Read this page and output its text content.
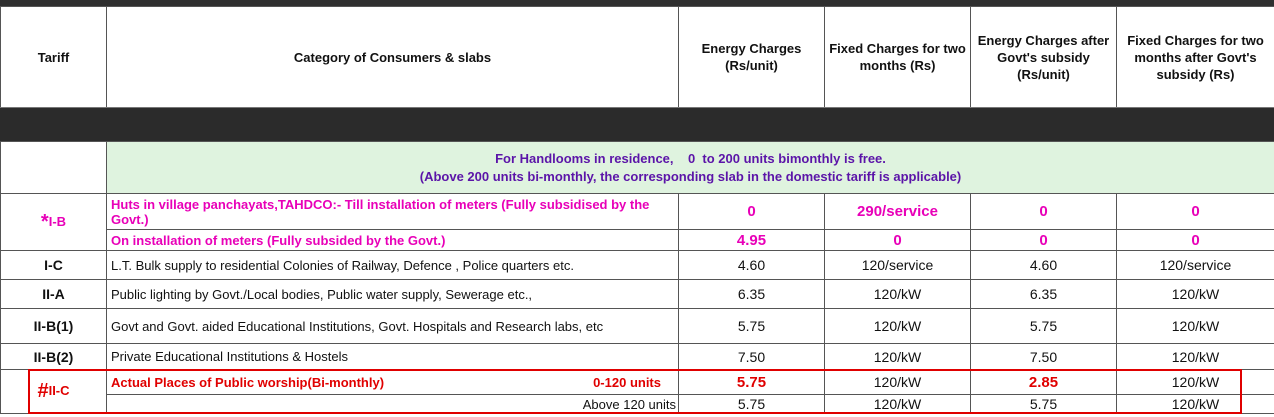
Tariff	Category of Consumers & slabs	Energy Charges (Rs/unit)	Fixed Charges for two months (Rs)	Energy Charges after Govt's subsidy (Rs/unit)	Fixed Charges for two months after Govt's subsidy (Rs)

	For Handlooms in residence,    0  to 200 units bimonthly is free.
(Above 200 units bi-monthly, the corresponding slab in the domestic tariff is applicable)				

*I-B	Huts in village panchayats,TAHDCO:- Till installation of meters (Fully subsidised by the Govt.)	0	290/service	0	0
	On installation of meters (Fully subsided by the Govt.)	4.95	0	0	0
I-C	L.T. Bulk supply to residential Colonies of Railway, Defence , Police quarters etc.	4.60	120/service	4.60	120/service
II-A	Public lighting by Govt./Local bodies, Public water supply, Sewerage etc.,	6.35	120/kW	6.35	120/kW
II-B(1)	Govt and Govt. aided Educational Institutions, Govt. Hospitals and Research labs, etc	5.75	120/kW	5.75	120/kW
II-B(2)	Private Educational Institutions & Hostels	7.50	120/kW	7.50	120/kW
#II-C	Actual Places of Public worship(Bi-monthly) 0-120 units	5.75	120/kW	2.85	120/kW
	Above 120 units	5.75	120/kW	5.75	120/kW
